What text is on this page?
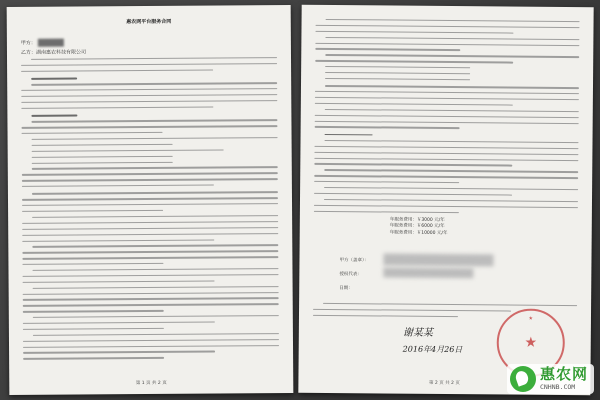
惠农网平台服务合同
甲方：
乙方：湖南惠农科技有限公司
第 1 页 共 2 页
年服务费用：￥3000 元/年
年服务费用：￥6000 元/年
年服务费用：￥10000 元/年
甲方（盖章）：
授权代表：
日期：
★
★
谢某某
2016年4月26日
第 2 页 共 2 页
惠农网
CNHNB.COM
